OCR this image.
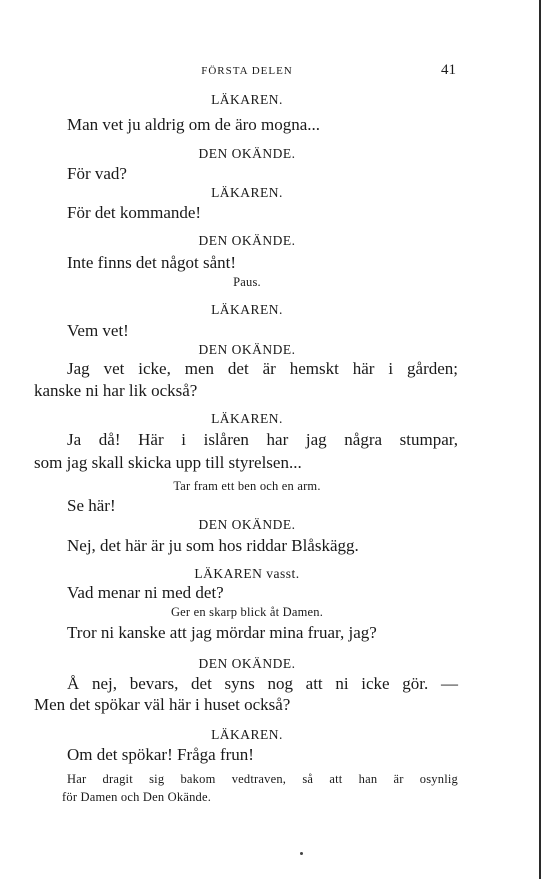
FÖRSTA DELEN	41
LÄKAREN.
Man vet ju aldrig om de äro mogna...
DEN OKÄNDE.
För vad?
LÄKAREN.
För det kommande!
DEN OKÄNDE.
Inte finns det något sånt!
Paus.
LÄKAREN.
Vem vet!
DEN OKÄNDE.
Jag vet icke, men det är hemskt här i gården;
kanske ni har lik också?
LÄKAREN.
Ja då! Här i islåren har jag några stumpar,
som jag skall skicka upp till styrelsen...
Tar fram ett ben och en arm.
Se här!
DEN OKÄNDE.
Nej, det här är ju som hos riddar Blåskägg.
LÄKAREN vasst.
Vad menar ni med det?
Ger en skarp blick åt Damen.
Tror ni kanske att jag mördar mina fruar, jag?
DEN OKÄNDE.
Å nej, bevars, det syns nog att ni icke gör. —
Men det spökar väl här i huset också?
LÄKAREN.
Om det spökar! Fråga frun!
Har dragit sig bakom vedtraven, så att han är osynlig
för Damen och Den Okände.
